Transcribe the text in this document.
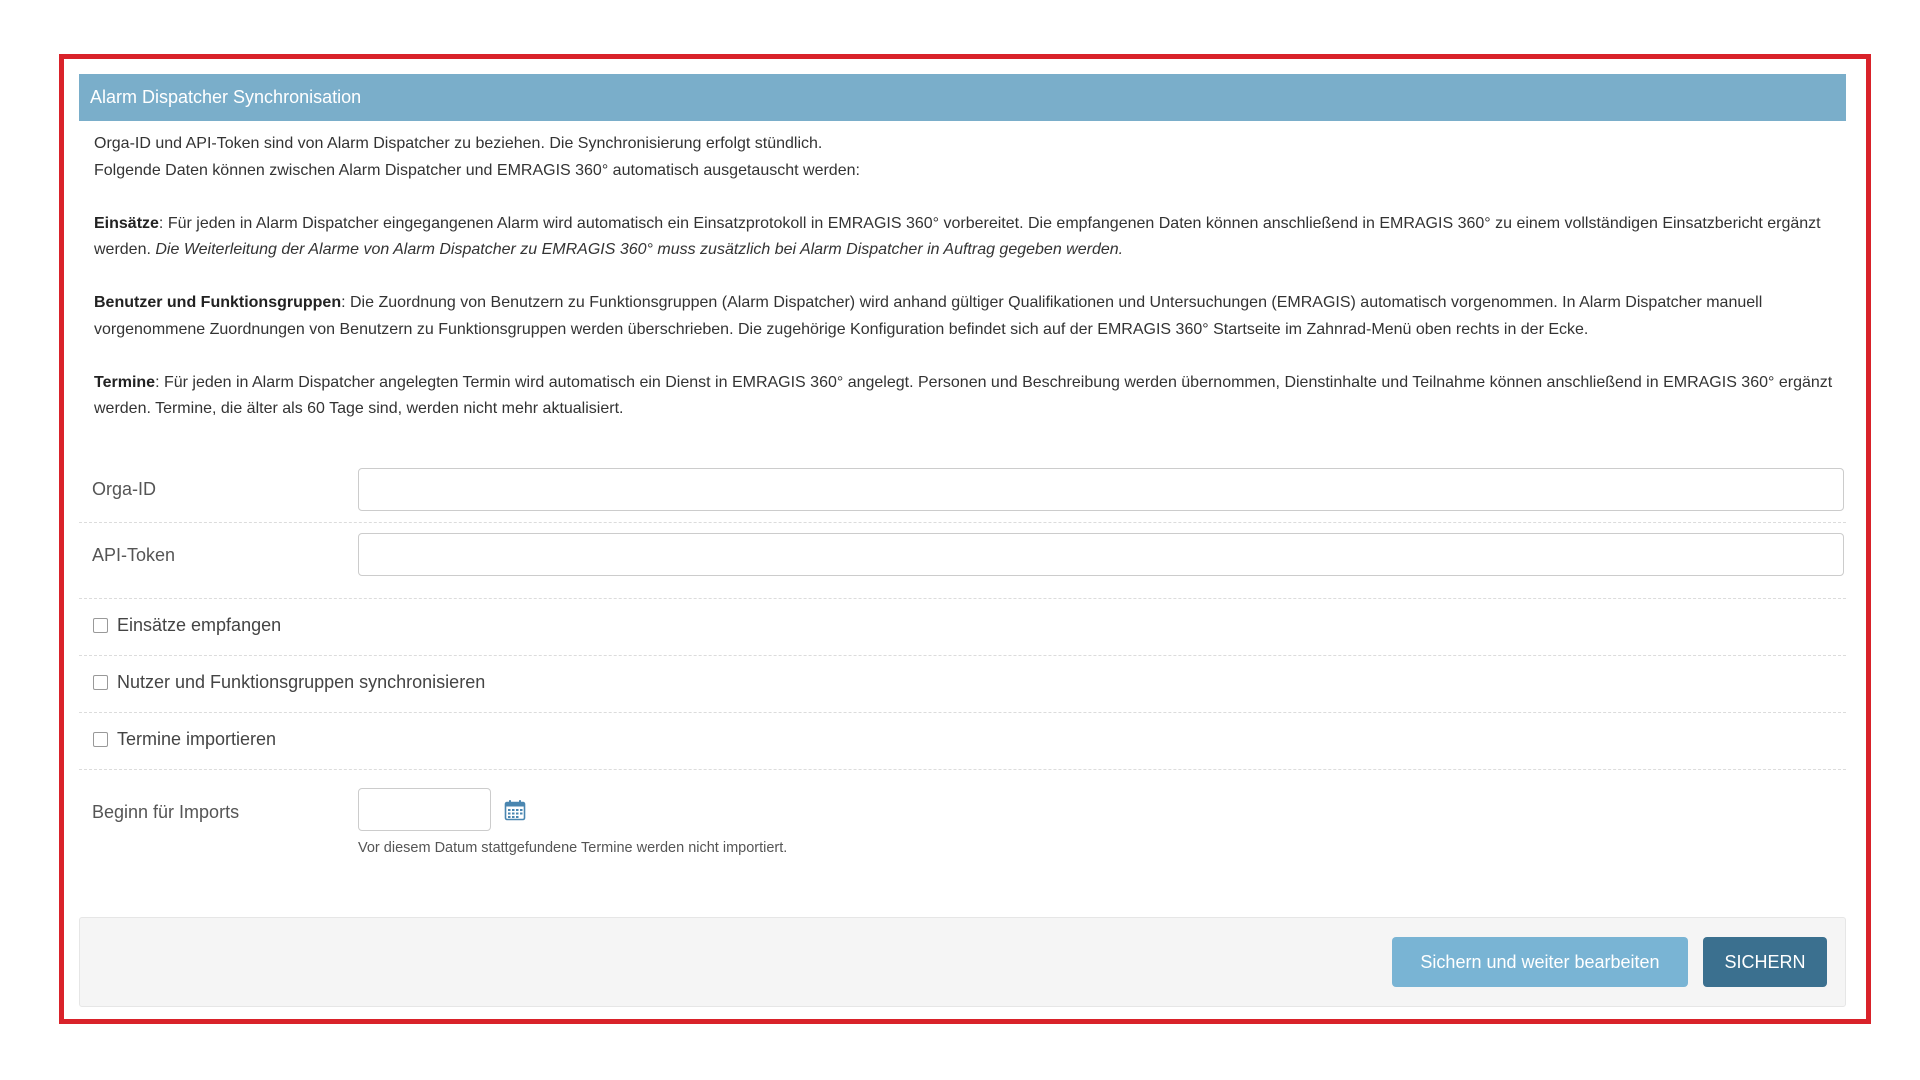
Alarm Dispatcher Synchronisation

Orga-ID und API-Token sind von Alarm Dispatcher zu beziehen. Die Synchronisierung erfolgt stündlich.

Folgende Daten können zwischen Alarm Dispatcher und EMRAGIS 360° automatisch ausgetauscht werden:

Einsätze: Für jeden in Alarm Dispatcher eingegangenen Alarm wird automatisch ein Einsatzprotokoll in EMRAGIS 360° vorbereitet. Die empfangenen Daten können anschließend in EMRAGIS 360° zu einem vollständigen Einsatzbericht ergänzt werden. Die Weiterleitung der Alarme von Alarm Dispatcher zu EMRAGIS 360° muss zusätzlich bei Alarm Dispatcher in Auftrag gegeben werden.

Benutzer und Funktionsgruppen: Die Zuordnung von Benutzern zu Funktionsgruppen (Alarm Dispatcher) wird anhand gültiger Qualifikationen und Untersuchungen (EMRAGIS) automatisch vorgenommen. In Alarm Dispatcher manuell vorgenommene Zuordnungen von Benutzern zu Funktionsgruppen werden überschrieben. Die zugehörige Konfiguration befindet sich auf der EMRAGIS 360° Startseite im Zahnrad-Menü oben rechts in der Ecke.

Termine: Für jeden in Alarm Dispatcher angelegten Termin wird automatisch ein Dienst in EMRAGIS 360° angelegt. Personen und Beschreibung werden übernommen, Dienstinhalte und Teilnahme können anschließend in EMRAGIS 360° ergänzt werden. Termine, die älter als 60 Tage sind, werden nicht mehr aktualisiert.

Orga-ID
API-Token
Einsätze empfangen
Nutzer und Funktionsgruppen synchronisieren
Termine importieren
Beginn für Imports
Vor diesem Datum stattgefundene Termine werden nicht importiert.
Sichern und weiter bearbeiten	SICHERN
